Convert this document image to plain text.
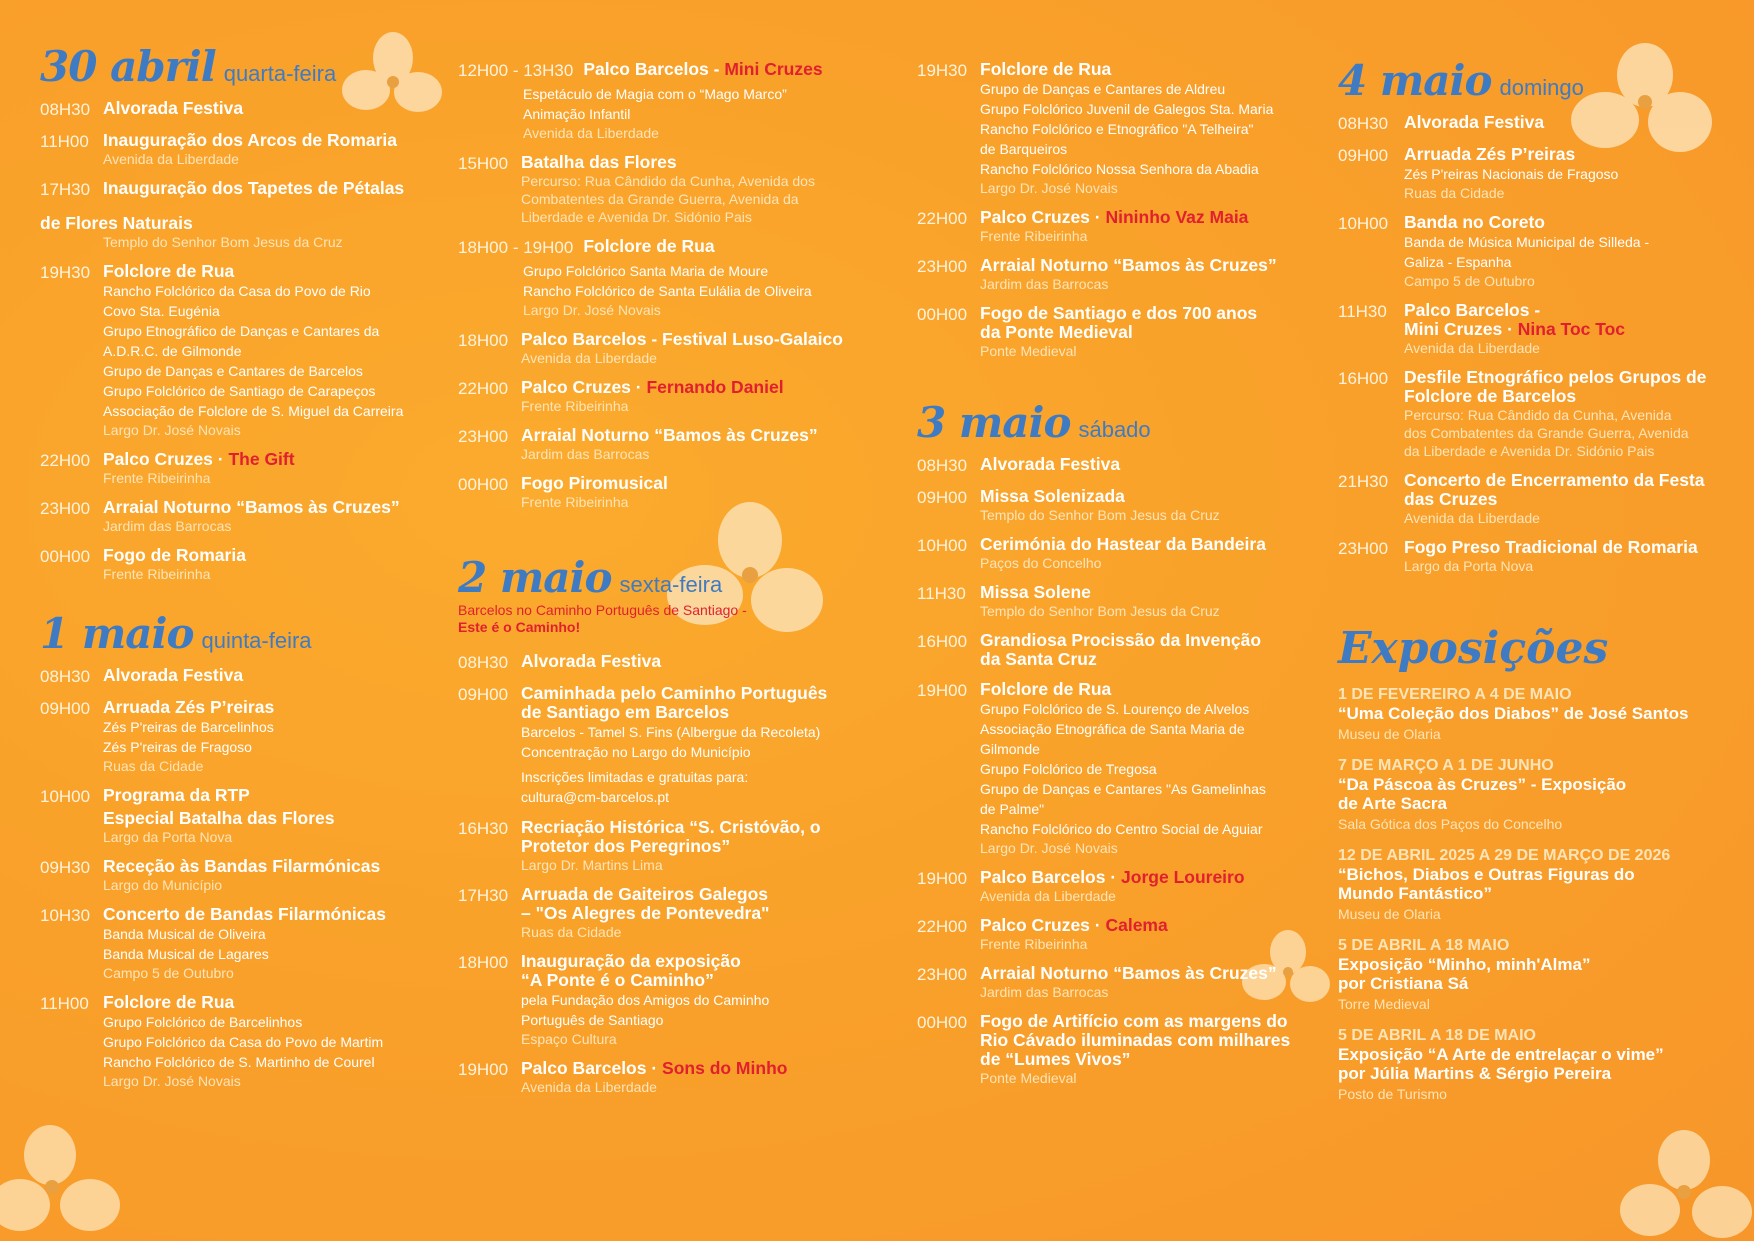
30 abril quarta-feira
08H30 Alvorada Festiva
11H00 Inauguração dos Arcos de Romaria
Avenida da Liberdade
17H30 Inauguração dos Tapetes de Pétalas
de Flores Naturais
Templo do Senhor Bom Jesus da Cruz
19H30 Folclore de Rua
Rancho Folclórico da Casa do Povo de Rio
Covo Sta. Eugénia
Grupo Etnográfico de Danças e Cantares da
A.D.R.C. de Gilmonde
Grupo de Danças e Cantares de Barcelos
Grupo Folclórico de Santiago de Carapeços
Associação de Folclore de S. Miguel da Carreira
Largo Dr. José Novais
22H00 Palco Cruzes · The Gift
Frente Ribeirinha
23H00 Arraial Noturno “Bamos às Cruzes”
Jardim das Barrocas
00H00 Fogo de Romaria
Frente Ribeirinha
1 maio quinta-feira
08H30 Alvorada Festiva
09H00 Arruada Zés P’reiras
Zés P'reiras de Barcelinhos
Zés P'reiras de Fragoso
Ruas da Cidade
10H00 Programa da RTP
Especial Batalha das Flores
Largo da Porta Nova
09H30 Receção às Bandas Filarmónicas
Largo do Município
10H30 Concerto de Bandas Filarmónicas
Banda Musical de Oliveira
Banda Musical de Lagares
Campo 5 de Outubro
11H00 Folclore de Rua
Grupo Folclórico de Barcelinhos
Grupo Folclórico da Casa do Povo de Martim
Rancho Folclórico de S. Martinho de Courel
Largo Dr. José Novais
12H00 - 13H30 Palco Barcelos - Mini Cruzes
Espetáculo de Magia com o “Mago Marco”
Animação Infantil
Avenida da Liberdade
15H00 Batalha das Flores
Percurso: Rua Cândido da Cunha, Avenida dos
Combatentes da Grande Guerra, Avenida da
Liberdade e Avenida Dr. Sidónio Pais
18H00 - 19H00 Folclore de Rua
Grupo Folclórico Santa Maria de Moure
Rancho Folclórico de Santa Eulália de Oliveira
Largo Dr. José Novais
18H00 Palco Barcelos - Festival Luso-Galaico
Avenida da Liberdade
22H00 Palco Cruzes · Fernando Daniel
Frente Ribeirinha
23H00 Arraial Noturno “Bamos às Cruzes”
Jardim das Barrocas
00H00 Fogo Piromusical
Frente Ribeirinha
2 maio sexta-feira
Barcelos no Caminho Português de Santiago -
Este é o Caminho!
08H30 Alvorada Festiva
09H00 Caminhada pelo Caminho Português
de Santiago em Barcelos
Barcelos - Tamel S. Fins (Albergue da Recoleta)
Concentração no Largo do Município
Inscrições limitadas e gratuitas para:
cultura@cm-barcelos.pt
16H30 Recriação Histórica “S. Cristóvão, o
Protetor dos Peregrinos”
Largo Dr. Martins Lima
17H30 Arruada de Gaiteiros Galegos
– "Os Alegres de Pontevedra"
Ruas da Cidade
18H00 Inauguração da exposição
“A Ponte é o Caminho”
pela Fundação dos Amigos do Caminho
Português de Santiago
Espaço Cultura
19H00 Palco Barcelos · Sons do Minho
Avenida da Liberdade
19H30 Folclore de Rua
Grupo de Danças e Cantares de Aldreu
Grupo Folclórico Juvenil de Galegos Sta. Maria
Rancho Folclórico e Etnográfico "A Telheira"
de Barqueiros
Rancho Folclórico Nossa Senhora da Abadia
Largo Dr. José Novais
22H00 Palco Cruzes · Nininho Vaz Maia
Frente Ribeirinha
23H00 Arraial Noturno “Bamos às Cruzes”
Jardim das Barrocas
00H00 Fogo de Santiago e dos 700 anos
da Ponte Medieval
Ponte Medieval
3 maio sábado
08H30 Alvorada Festiva
09H00 Missa Solenizada
Templo do Senhor Bom Jesus da Cruz
10H00 Cerimónia do Hastear da Bandeira
Paços do Concelho
11H30 Missa Solene
Templo do Senhor Bom Jesus da Cruz
16H00 Grandiosa Procissão da Invenção
da Santa Cruz
19H00 Folclore de Rua
Grupo Folclórico de S. Lourenço de Alvelos
Associação Etnográfica de Santa Maria de
Gilmonde
Grupo Folclórico de Tregosa
Grupo de Danças e Cantares "As Gamelinhas
de Palme"
Rancho Folclórico do Centro Social de Aguiar
Largo Dr. José Novais
19H00 Palco Barcelos · Jorge Loureiro
Avenida da Liberdade
22H00 Palco Cruzes · Calema
Frente Ribeirinha
23H00 Arraial Noturno “Bamos às Cruzes”
Jardim das Barrocas
00H00 Fogo de Artifício com as margens do
Rio Cávado iluminadas com milhares
de “Lumes Vivos”
Ponte Medieval
4 maio domingo
08H30 Alvorada Festiva
09H00 Arruada Zés P’reiras
Zés P'reiras Nacionais de Fragoso
Ruas da Cidade
10H00 Banda no Coreto
Banda de Música Municipal de Silleda -
Galiza - Espanha
Campo 5 de Outubro
11H30 Palco Barcelos -
Mini Cruzes · Nina Toc Toc
Avenida da Liberdade
16H00 Desfile Etnográfico pelos Grupos de
Folclore de Barcelos
Percurso: Rua Cândido da Cunha, Avenida
dos Combatentes da Grande Guerra, Avenida
da Liberdade e Avenida Dr. Sidónio Pais
21H30 Concerto de Encerramento da Festa
das Cruzes
Avenida da Liberdade
23H00 Fogo Preso Tradicional de Romaria
Largo da Porta Nova
Exposições
1 DE FEVEREIRO A 4 DE MAIO
“Uma Coleção dos Diabos” de José Santos
Museu de Olaria
7 DE MARÇO A 1 DE JUNHO
“Da Páscoa às Cruzes” - Exposição
de Arte Sacra
Sala Gótica dos Paços do Concelho
12 DE ABRIL 2025 A 29 DE MARÇO DE 2026
“Bichos, Diabos e Outras Figuras do
Mundo Fantástico”
Museu de Olaria
5 DE ABRIL A 18 MAIO
Exposição “Minho, minh'Alma”
por Cristiana Sá
Torre Medieval
5 DE ABRIL A 18 DE MAIO
Exposição “A Arte de entrelaçar o vime”
por Júlia Martins & Sérgio Pereira
Posto de Turismo
